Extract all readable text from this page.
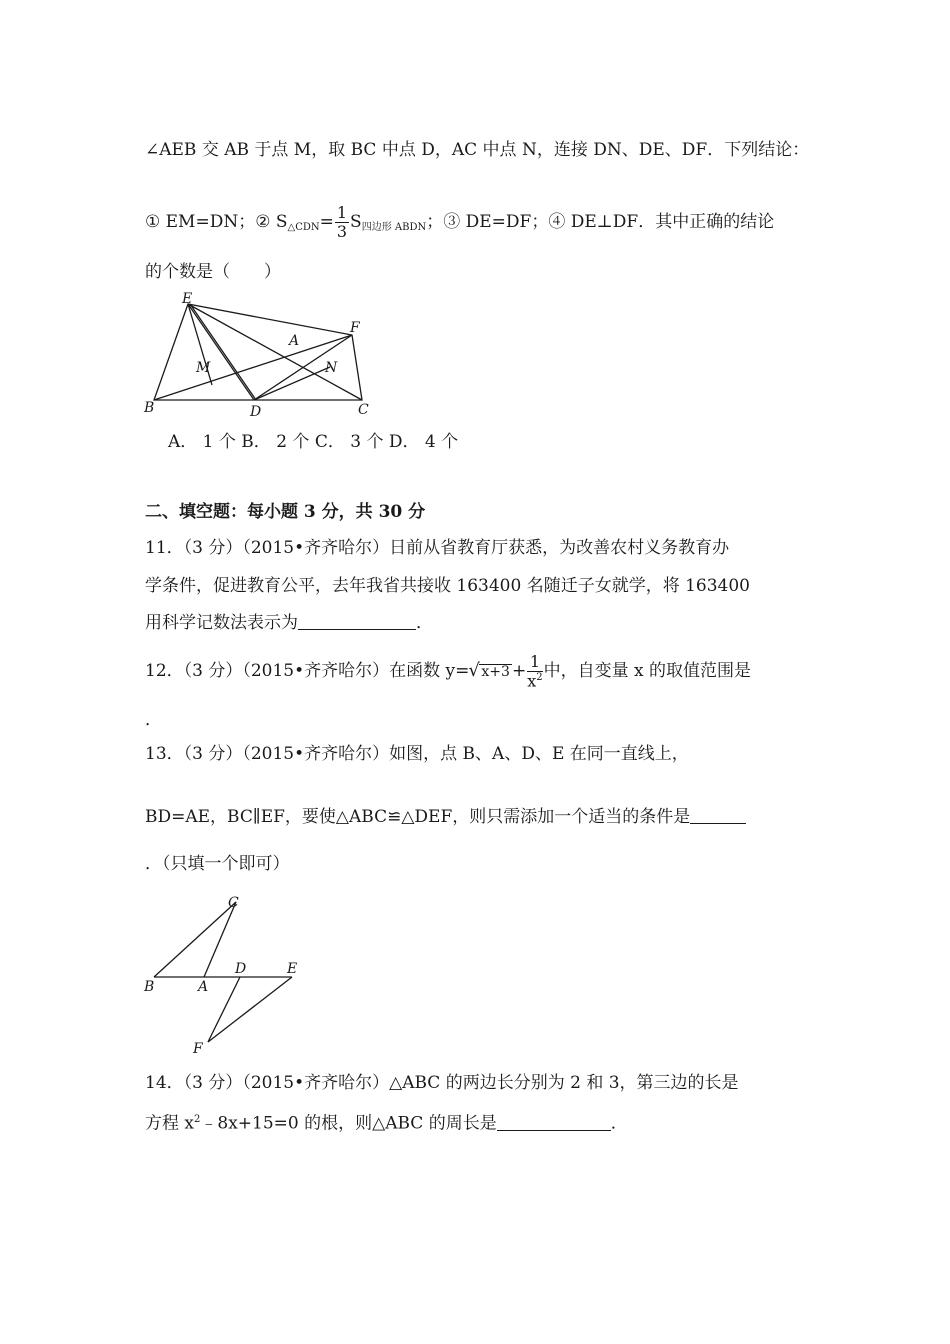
∠AEB 交 AB 于点 M，取 BC 中点 D，AC 中点 N，连接 DN、DE、DF．下列结论：
① EM=DN；② $S_{\triangle CDN}= \frac{1}{3} S_{四边形 ABDN}$；③ DE=DF；④ DE⊥DF．其中正确的结论
的个数是（　　）
E
A
F
M	N
B	D	C
A． 1 个 B． 2 个 C． 3 个 D． 4 个
二、填空题：每小题 3 分，共 30 分
11．（3 分）（2015•齐齐哈尔）日前从省教育厅获悉，为改善农村义务教育办
学条件，促进教育公平，去年我省共接收 163400 名随迁子女就学，将 163400
用科学记数法表示为	．
12．（3 分）（2015•齐齐哈尔）在函数 y=√ $x+3 + \frac{1}{x^2}$ 中，自变量 x 的取值范围是
．
13．（3 分）（2015•齐齐哈尔）如图，点 B、A、D、E 在同一直线上，
BD=AE，BC∥EF，要使△ABC≌△DEF，则只需添加一个适当的条件是
．（只填一个即可）
C
B	A
D	E
F
14．（3 分）（2015•齐齐哈尔）△ABC 的两边长分别为 2 和 3，第三边的长是
方程 $x^2﹣8x+15=0$ 的根，则△ABC 的周长是	．
